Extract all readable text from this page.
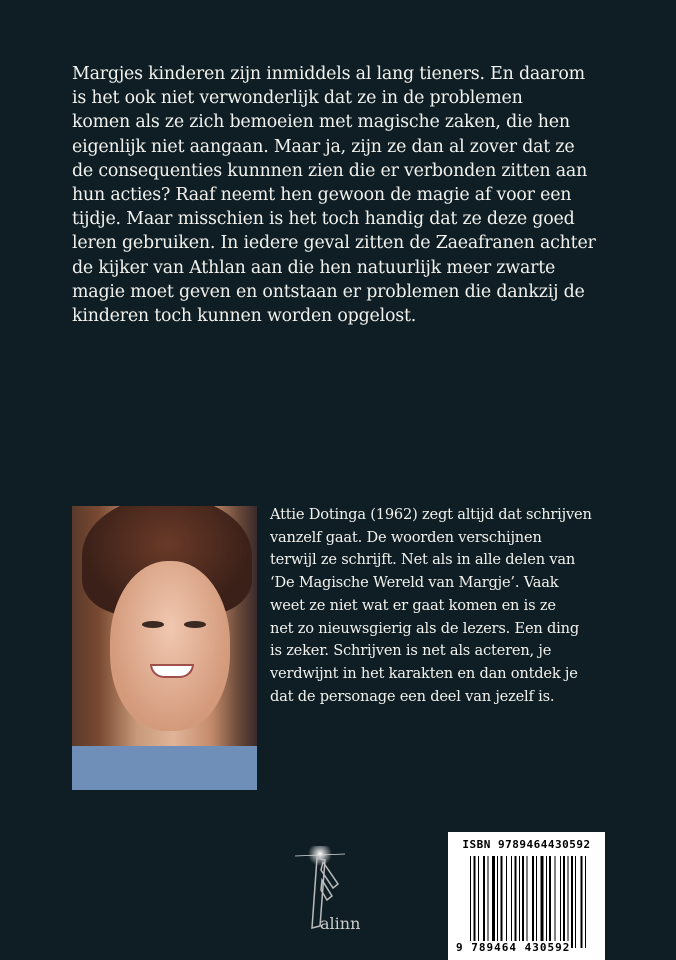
Margjes kinderen zijn inmiddels al lang tieners. En daarom
is het ook niet verwonderlijk dat ze in de problemen
komen als ze zich bemoeien met magische zaken, die hen
eigenlijk niet aangaan. Maar ja, zijn ze dan al zover dat ze
de consequenties kunnnen zien die er verbonden zitten aan
hun acties? Raaf neemt hen gewoon de magie af voor een
tijdje. Maar misschien is het toch handig dat ze deze goed
leren gebruiken. In iedere geval zitten de Zaeafranen achter
de kijker van Athlan aan die hen natuurlijk meer zwarte
magie moet geven en ontstaan er problemen die dankzij de
kinderen toch kunnen worden opgelost.
Attie Dotinga (1962) zegt altijd dat schrijven
vanzelf gaat. De woorden verschijnen
terwijl ze schrijft. Net als in alle delen van
‘De Magische Wereld van Margje’. Vaak
weet ze niet wat er gaat komen en is ze
net zo nieuwsgierig als de lezers. Een ding
is zeker. Schrijven is net als acteren, je
verdwijnt in het karakten en dan ontdek je
dat de personage een deel van jezelf is.
alinn
ISBN 9789464430592
9 789464 430592
